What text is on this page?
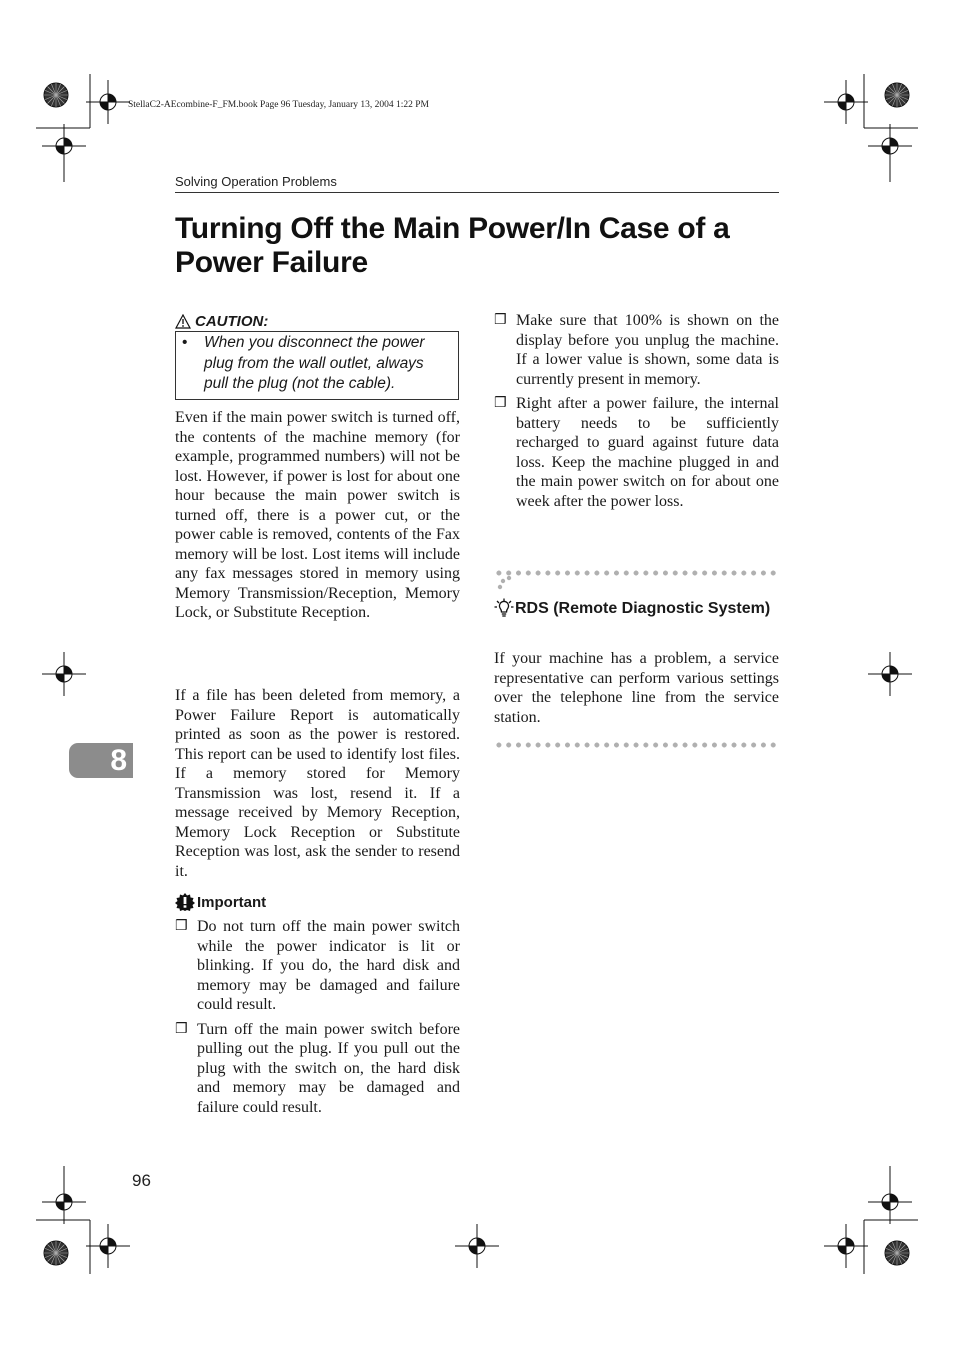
StellaC2-AEcombine-F_FM.book Page 96 Tuesday, January 13, 2004 1:22 PM
Solving Operation Problems
Turning Off the Main Power/In Case of a Power Failure
CAUTION:
•	When you disconnect the power plug from the wall outlet, always pull the plug (not the cable).

Even if the main power switch is turned off, the contents of the machine memory (for example, programmed numbers) will not be lost. However, if power is lost for about one hour because the main power switch is turned off, there is a power cut, or the power cable is removed, contents of the Fax memory will be lost. Lost items will include any fax messages stored in memory using Memory Transmission/Reception, Memory Lock, or Substitute Reception.

If a file has been deleted from memory, a Power Failure Report is automatically printed as soon as the power is restored. This report can be used to identify lost files. If a memory stored for Memory Transmission was lost, resend it. If a message received by Memory Reception, Memory Lock Reception or Substitute Reception was lost, ask the sender to resend it.

Important
❒ Do not turn off the main power switch while the power indicator is lit or blinking. If you do, the hard disk and memory may be damaged and failure could result.
❒ Turn off the main power switch before pulling out the plug. If you pull out the plug with the switch on, the hard disk and memory may be damaged and failure could result.
❒ Make sure that 100% is shown on the display before you unplug the machine. If a lower value is shown, some data is currently present in memory.
❒ Right after a power failure, the internal battery needs to be sufficiently recharged to guard against future data loss. Keep the machine plugged in and the main power switch on for about one week after the power loss.
RDS (Remote Diagnostic System)

If your machine has a problem, a service representative can perform various settings over the telephone line from the service station.

8
96
